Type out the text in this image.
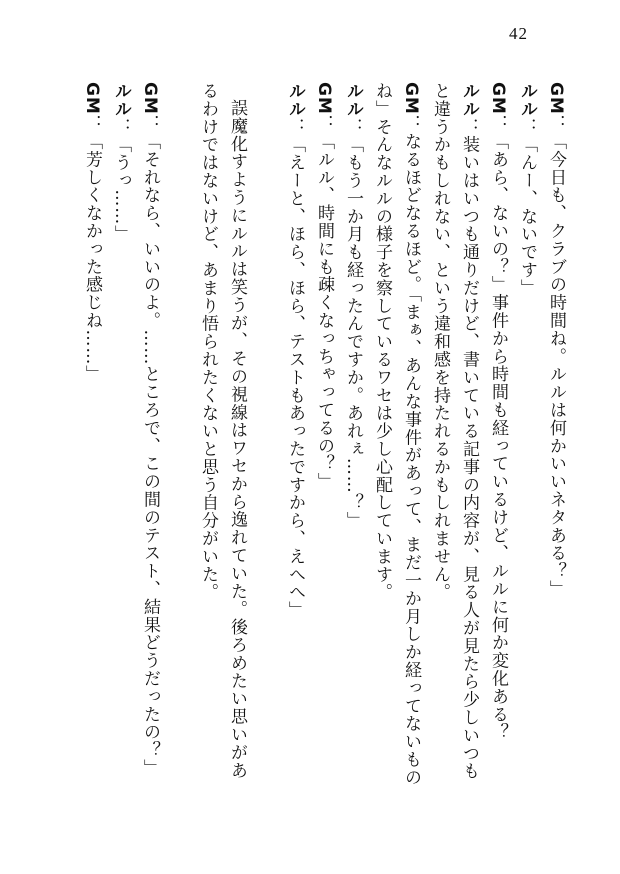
42
GM：「今日も、クラブの時間ね。ルルは何かいいネタある？」
ルル：「んー、ないです」
GM：「あら、ないの？」事件から時間も経っているけど、ルルに何か変化ある？
ルル：装いはいつも通りだけど、書いている記事の内容が、見る人が見たら少しいつも
と違うかもしれない、という違和感を持たれるかもしれません。
GM：なるほどなるほど。「まぁ、あんな事件があって、まだ一か月しか経ってないもの
ね」そんなルルの様子を察しているワセは少し心配しています。
ルル：「もう一か月も経ったんですか。あれぇ……？」
GM：「ルル、時間にも疎くなっちゃってるの？」
ルル：「えーと、ほら、ほら、テストもあったですから、えへへ」
誤魔化すようにルルは笑うが、その視線はワセから逸れていた。後ろめたい思いがあ
るわけではないけど、あまり悟られたくないと思う自分がいた。
GM：「それなら、いいのよ。……ところで、この間のテスト、結果どうだったの？」
ルル：「うっ……」
GM：「芳しくなかった感じね……」
